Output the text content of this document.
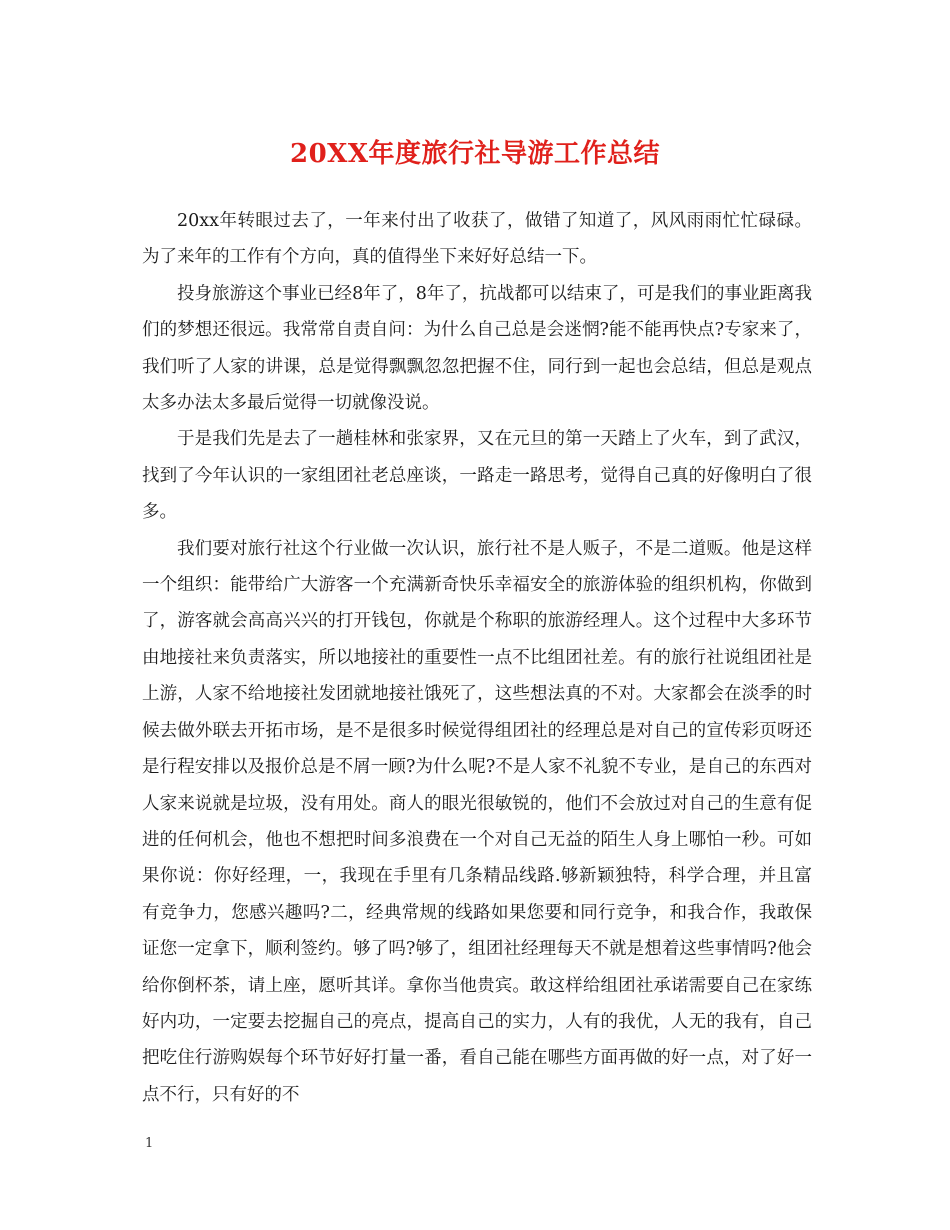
20XX年度旅行社导游工作总结

20xx年转眼过去了，一年来付出了收获了，做错了知道了，风风雨雨忙忙碌碌。为了来年的工作有个方向，真的值得坐下来好好总结一下。

投身旅游这个事业已经8年了，8年了，抗战都可以结束了，可是我们的事业距离我们的梦想还很远。我常常自责自问：为什么自己总是会迷惘?能不能再快点?专家来了，我们听了人家的讲课，总是觉得飘飘忽忽把握不住，同行到一起也会总结，但总是观点太多办法太多最后觉得一切就像没说。

于是我们先是去了一趟桂林和张家界，又在元旦的第一天踏上了火车，到了武汉，找到了今年认识的一家组团社老总座谈，一路走一路思考，觉得自己真的好像明白了很多。

我们要对旅行社这个行业做一次认识，旅行社不是人贩子，不是二道贩。他是这样一个组织：能带给广大游客一个充满新奇快乐幸福安全的旅游体验的组织机构，你做到了，游客就会高高兴兴的打开钱包，你就是个称职的旅游经理人。这个过程中大多环节由地接社来负责落实，所以地接社的重要性一点不比组团社差。有的旅行社说组团社是上游，人家不给地接社发团就地接社饿死了，这些想法真的不对。大家都会在淡季的时候去做外联去开拓市场，是不是很多时候觉得组团社的经理总是对自己的宣传彩页呀还是行程安排以及报价总是不屑一顾?为什么呢?不是人家不礼貌不专业，是自己的东西对人家来说就是垃圾，没有用处。商人的眼光很敏锐的，他们不会放过对自己的生意有促进的任何机会，他也不想把时间多浪费在一个对自己无益的陌生人身上哪怕一秒。可如果你说：你好经理，一，我现在手里有几条精品线路.够新颖独特，科学合理，并且富有竞争力，您感兴趣吗?二，经典常规的线路如果您要和同行竞争，和我合作，我敢保证您一定拿下，顺利签约。够了吗?够了，组团社经理每天不就是想着这些事情吗?他会给你倒杯茶，请上座，愿听其详。拿你当他贵宾。敢这样给组团社承诺需要自己在家练好内功，一定要去挖掘自己的亮点，提高自己的实力，人有的我优，人无的我有，自己把吃住行游购娱每个环节好好打量一番，看自己能在哪些方面再做的好一点，对了好一点不行，只有好的不

1
